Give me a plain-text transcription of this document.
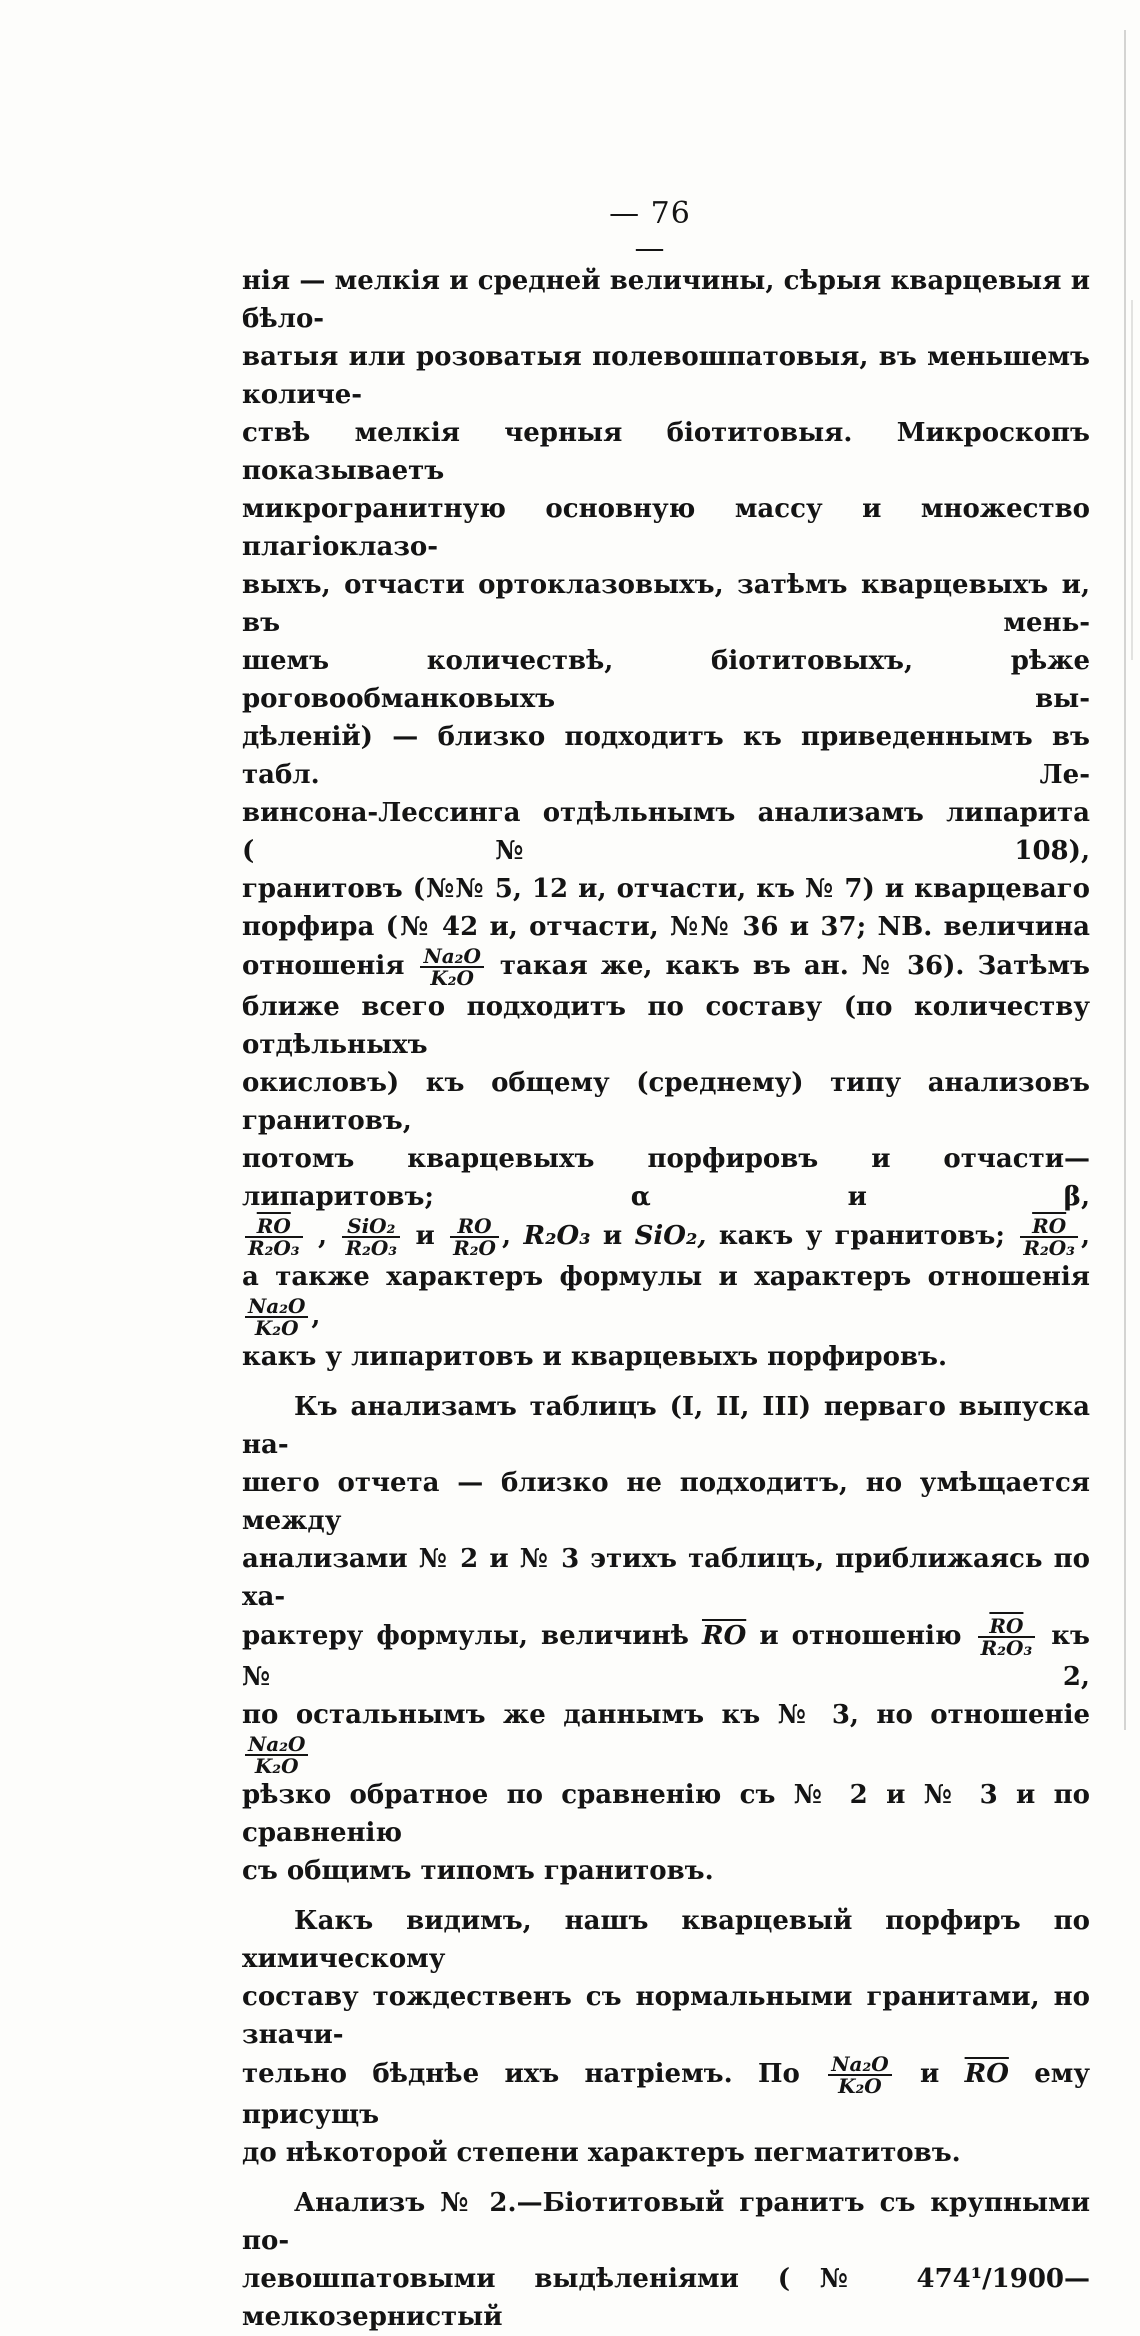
— 76 —
нія — мелкія и средней величины, сѣрыя кварцевыя и бѣло-
ватыя или розоватыя полевошпатовыя, въ меньшемъ количе-
ствѣ мелкія черныя біотитовыя. Микроскопъ показываетъ
микрогранитную основную массу и множество плагіоклазо-
выхъ, отчасти ортоклазовыхъ, затѣмъ кварцевыхъ и, въ мень-
шемъ количествѣ, біотитовыхъ, рѣже роговообманковыхъ вы-
дѣленій) — близко подходитъ къ приведеннымъ въ табл. Ле-
винсона-Лессинга отдѣльнымъ анализамъ липарита (№ 108),
гранитовъ (№№ 5, 12 и, отчасти, къ № 7) и кварцеваго
порфира (№ 42 и, отчасти, №№ 36 и 37; NB. величина
отношенія $\frac{\text{Na₂O}}{\text{K₂O}}$ такая же, какъ въ ан. № 36). Затѣмъ
ближе всего подходитъ по составу (по количеству отдѣльныхъ
окисловъ) къ общему (среднему) типу анализовъ гранитовъ,
потомъ кварцевыхъ порфировъ и отчасти—липаритовъ; α и β,
$\frac{\overline{RO}}{\text{R₂O₃}}$ , $\frac{\text{SiO₂}}{\text{R₂O₃}}$ и $\frac{RO}{\text{R₂O}}$ , R₂O₃ и SiO₂, какъ у гранитовъ; $\frac{\overline{RO}}{\text{R₂O₃}}$ ,
а также характеръ формулы и характеръ отношенія
$\frac{\text{Na₂O}}{\text{K₂O}}$ ,
какъ у липаритовъ и кварцевыхъ порфировъ.
Къ анализамъ таблицъ (I, II, III) перваго выпуска на-
шего отчета — близко не подходитъ, но умѣщается между
анализами № 2 и № 3 этихъ таблицъ, приближаясь по ха-
рактеру формулы, величинѣ $\overline{RO}$ и отношенію $\frac{\overline{RO}}{\text{R₂O₃}}$ къ № 2,
по остальнымъ же даннымъ къ № 3, но отношеніе
$\frac{\text{Na₂O}}{\text{K₂O}}$
рѣзко обратное по сравненію съ № 2 и № 3 и по сравненію
съ общимъ типомъ гранитовъ.
Какъ видимъ, нашъ кварцевый порфиръ по химическому
составу тождественъ съ нормальными гранитами, но значи-
тельно бѣднѣе ихъ натріемъ. По $\frac{\text{Na₂O}}{\text{K₂O}}$ и $\overline{RO}$ ему присущъ
до нѣкоторой степени характеръ пегматитовъ.
Анализъ № 2.—Біотитовый гранитъ съ крупными по-
левошпатовыми выдѣленіями (№ 474¹/1900—мелкозернистый
